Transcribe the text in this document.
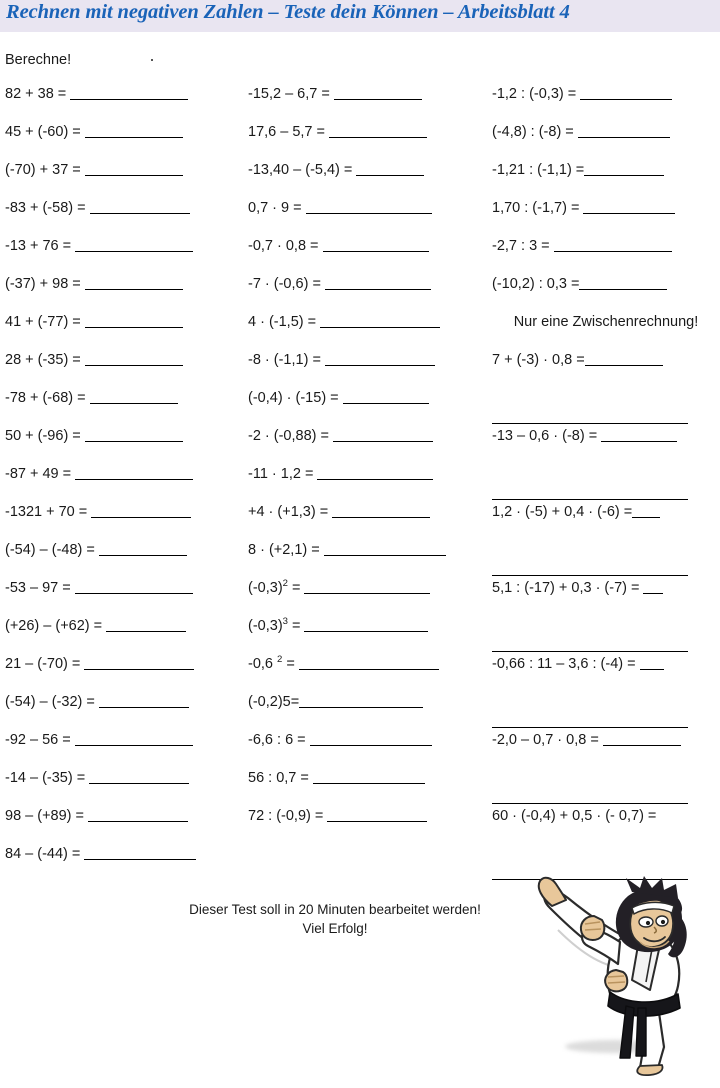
Rechnen mit negativen Zahlen – Teste dein Können – Arbeitsblatt 4
Berechne!
82 + 38 =
45 + (-60) =
(-70) + 37 =
-83 + (-58) =
-13 + 76 =
(-37) + 98 =
41 + (-77) =
28 + (-35) =
-78 + (-68) =
50 + (-96) =
-87 + 49 =
-1321 + 70 =
(-54) – (-48) =
-53 – 97 =
(+26) – (+62) =
21 – (-70) =
(-54) – (-32) =
-92 – 56 =
-14 – (-35) =
98 – (+89) =
84 – (-44) =
-15,2 – 6,7 =
17,6 – 5,7 =
-13,40 – (-5,4) =
0,7 · 9 =
-0,7 · 0,8 =
-7 · (-0,6) =
4 · (-1,5) =
-8 · (-1,1) =
(-0,4) · (-15) =
-2 · (-0,88) =
-11 · 1,2 =
+4 · (+1,3) =
8 · (+2,1) =
$(-0,3)^2$ =
$(-0,3)^3$ =
-0,6 $^2$ =
(-0,2)5=
-6,6 : 6 =
56 : 0,7 =
72 : (-0,9) =
-1,2 : (-0,3) =
(-4,8) : (-8) =
-1,21 : (-1,1) =
1,70 : (-1,7) =
-2,7 : 3 =
(-10,2) : 0,3 =
Nur eine Zwischenrechnung!
7 + (-3) · 0,8 =
-13 – 0,6 · (-8) =
1,2 · (-5) + 0,4 · (-6) =
5,1 : (-17) + 0,3 · (-7) =
-0,66 : 11 – 3,6 : (-4) =
-2,0 – 0,7 · 0,8 =
60 · (-0,4) + 0,5 · (- 0,7) =
Dieser Test soll in 20 Minuten bearbeitet werden!
Viel Erfolg!
